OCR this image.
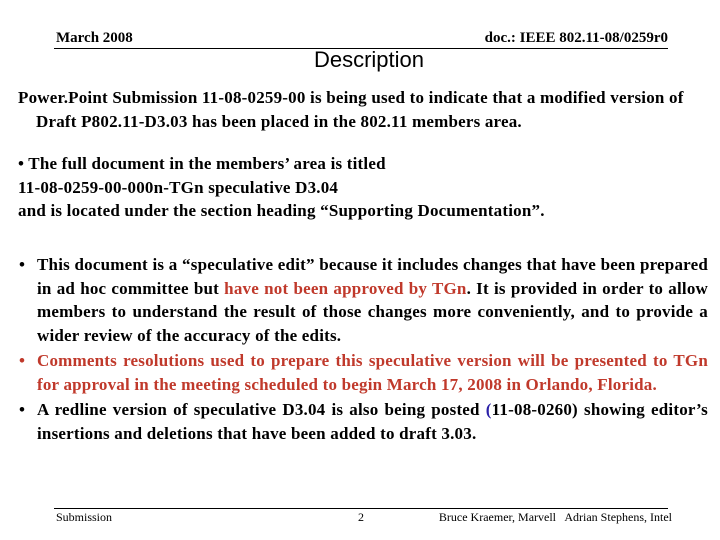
March 2008	doc.: IEEE 802.11-08/0259r0
Description

Power.Point Submission 11-08-0259-00 is being used to indicate that a modified version of Draft P802.11-D3.03 has been placed in the 802.11 members area.

• The full document in the members’ area is titled
11-08-0259-00-000n-TGn speculative D3.04
and is located under the section heading “Supporting Documentation”.
• This document is a “speculative edit” because it includes changes that have been prepared in ad hoc committee but have not been approved by TGn. It is provided in order to allow members to understand the result of those changes more conveniently, and to provide a wider review of the accuracy of the edits.
• Comments resolutions used to prepare this speculative version will be presented to TGn for approval in the meeting scheduled to begin March 17, 2008 in Orlando, Florida.
• A redline version of speculative D3.04 is also being posted (11-08-0260) showing editor’s insertions and deletions that have been added to draft 3.03.
Submission	2	Bruce Kraemer, Marvell   Adrian Stephens, Intel
